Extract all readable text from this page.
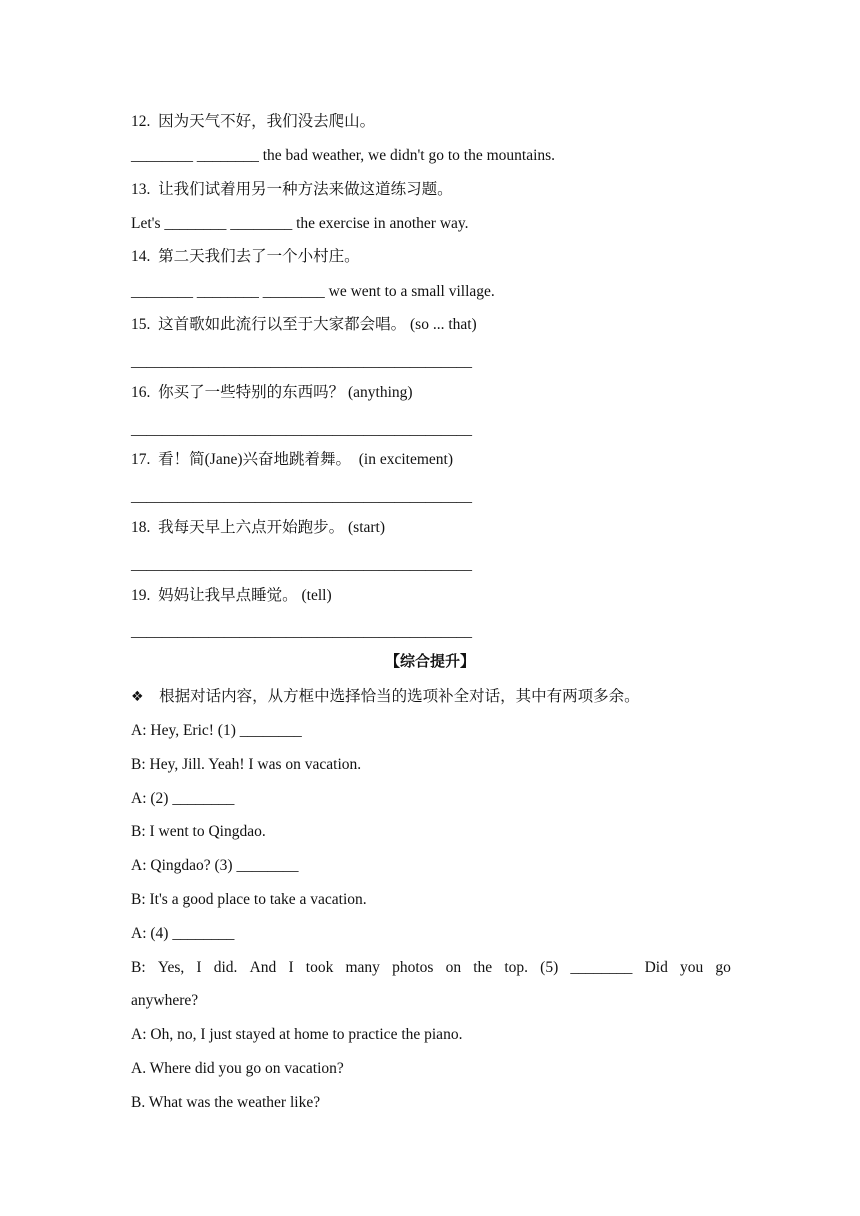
12.  因为天气不好，我们没去爬山。

________ ________ the bad weather, we didn't go to the mountains.

13.  让我们试着用另一种方法来做这道练习题。

Let's ________ ________ the exercise in another way.

14.  第二天我们去了一个小村庄。

________ ________ ________ we went to a small village.

15.  这首歌如此流行以至于大家都会唱。 (so ... that)

____________________________________________

16.  你买了一些特别的东西吗？ (anything)

____________________________________________

17.  看！简(Jane)兴奋地跳着舞。  (in excitement)

____________________________________________

18.  我每天早上六点开始跑步。 (start)

____________________________________________

19.  妈妈让我早点睡觉。 (tell)

____________________________________________

【综合提升】

❖ 根据对话内容，从方框中选择恰当的选项补全对话，其中有两项多余。

A: Hey, Eric! (1) ________

B: Hey, Jill. Yeah! I was on vacation.

A: (2) ________

B: I went to Qingdao.

A: Qingdao? (3) ________

B: It's a good place to take a vacation.

A: (4) ________

B: Yes, I did. And I took many photos on the top. (5) ________ Did you go

anywhere?

A: Oh, no, I just stayed at home to practice the piano.

A. Where did you go on vacation?

B. What was the weather like?
